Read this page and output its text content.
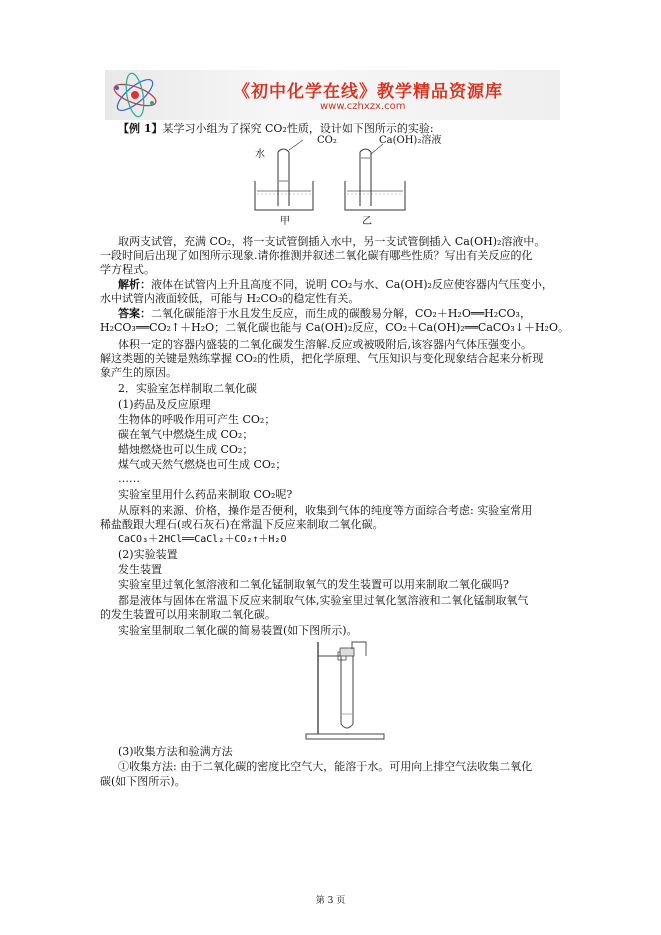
《初中化学在线》教学精品资源库
www.czhxzx.com
【例 1】某学习小组为了探究 CO₂性质，设计如下图所示的实验:
水
CO₂	Ca(OH)₂溶液
甲	乙
取两支试管，充满 CO₂，将一支试管倒插入水中，另一支试管倒插入 Ca(OH)₂溶液中。
一段时间后出现了如图所示现象.请你推测并叙述二氧化碳有哪些性质？写出有关反应的化
学方程式。
解析：液体在试管内上升且高度不同，说明 CO₂与水、Ca(OH)₂反应使容器内气压变小，
水中试管内液面较低，可能与 H₂CO₃的稳定性有关。
答案：二氧化碳能溶于水且发生反应，而生成的碳酸易分解，CO₂＋H₂O══H₂CO₃，
H₂CO₃══CO₂↑＋H₂O；二氧化碳也能与 Ca(OH)₂反应，CO₂＋Ca(OH)₂══CaCO₃↓＋H₂O。
体积一定的容器内盛装的二氧化碳发生溶解.反应或被吸附后,该容器内气体压强变小。
解这类题的关键是熟练掌握 CO₂的性质，把化学原理、气压知识与变化现象结合起来分析现
象产生的原因。
2．实验室怎样制取二氧化碳
(1)药品及反应原理
生物体的呼吸作用可产生 CO₂；
碳在氧气中燃烧生成 CO₂；
蜡烛燃烧也可以生成 CO₂；
煤气或天然气燃烧也可生成 CO₂；
……
实验室里用什么药品来制取 CO₂呢?
从原料的来源、价格，操作是否便利，收集到气体的纯度等方面综合考虑: 实验室常用
稀盐酸跟大理石(或石灰石)在常温下反应来制取二氧化碳。
CaCO₃＋2HCl══CaCl₂＋CO₂↑＋H₂O
(2)实验装置
发生装置
实验室里过氧化氢溶液和二氧化锰制取氧气的发生装置可以用来制取二氧化碳吗?
都是液体与固体在常温下反应来制取气体,实验室里过氧化氢溶液和二氧化锰制取氧气
的发生装置可以用来制取二氧化碳。
实验室里制取二氧化碳的简易装置(如下图所示)。
(3)收集方法和验满方法
①收集方法: 由于二氧化碳的密度比空气大，能溶于水。可用向上排空气法收集二氧化
碳(如下图所示)。
第 3 页
